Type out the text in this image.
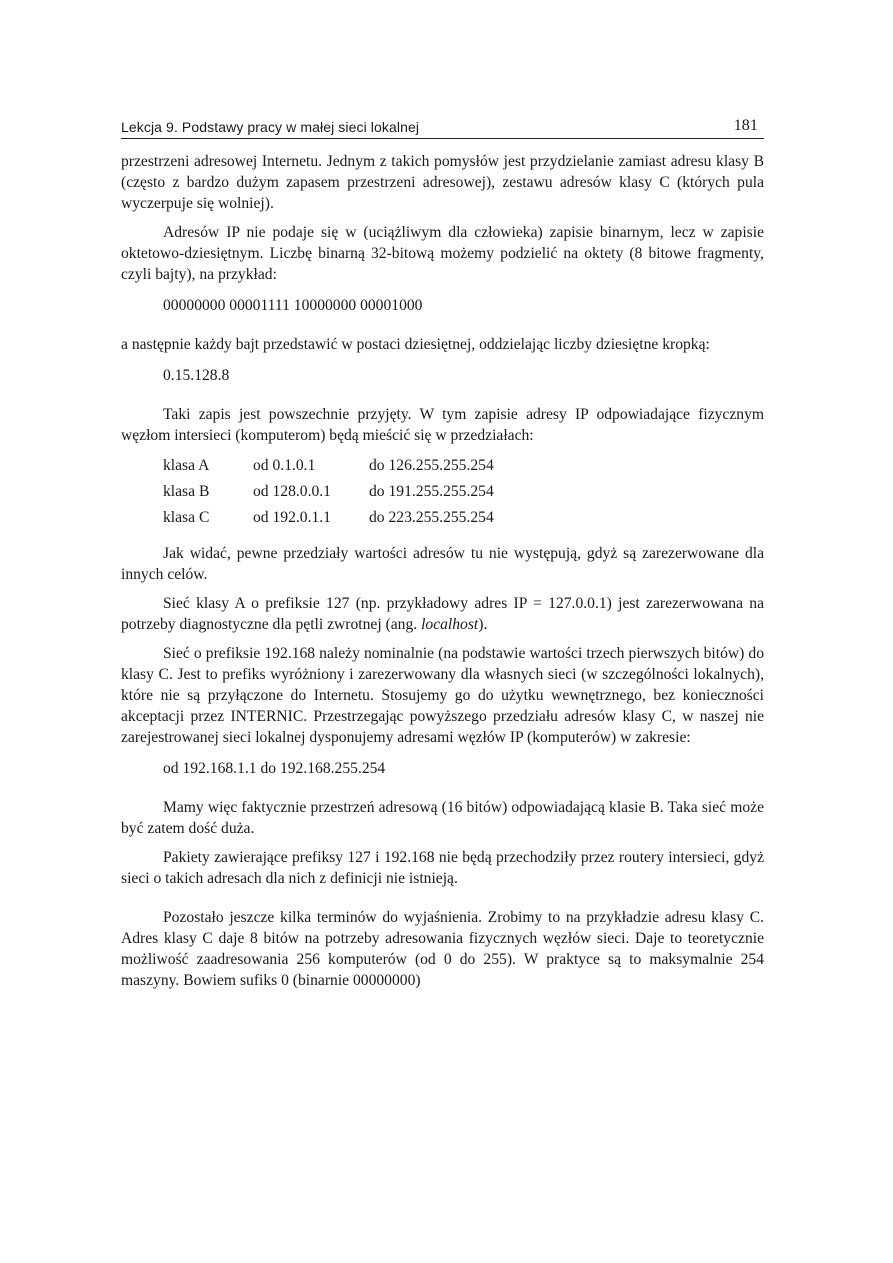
Lekcja 9. Podstawy pracy w małej sieci lokalnej	181

przestrzeni adresowej Internetu. Jednym z takich pomysłów jest przydzielanie zamiast adresu klasy B (często z bardzo dużym zapasem przestrzeni adresowej), zestawu adresów klasy C (których pula wyczerpuje się wolniej).

Adresów IP nie podaje się w (uciążliwym dla człowieka) zapisie binarnym, lecz w zapisie oktetowo-dziesiętnym. Liczbę binarną 32-bitową możemy podzielić na oktety (8 bitowe fragmenty, czyli bajty), na przykład:

00000000 00001111 10000000 00001000

a następnie każdy bajt przedstawić w postaci dziesiętnej, oddzielając liczby dziesiętne kropką:

0.15.128.8

Taki zapis jest powszechnie przyjęty. W tym zapisie adresy IP odpowiadające fizycznym węzłom intersieci (komputerom) będą mieścić się w przedziałach:

klasa A	od 0.1.0.1	do 126.255.255.254
klasa B	od 128.0.0.1	do 191.255.255.254
klasa C	od 192.0.1.1	do 223.255.255.254

Jak widać, pewne przedziały wartości adresów tu nie występują, gdyż są zarezerwowane dla innych celów.

Sieć klasy A o prefiksie 127 (np. przykładowy adres IP = 127.0.0.1) jest zarezerwowana na potrzeby diagnostyczne dla pętli zwrotnej (ang. localhost).

Sieć o prefiksie 192.168 należy nominalnie (na podstawie wartości trzech pierwszych bitów) do klasy C. Jest to prefiks wyróżniony i zarezerwowany dla własnych sieci (w szczególności lokalnych), które nie są przyłączone do Internetu. Stosujemy go do użytku wewnętrznego, bez konieczności akceptacji przez INTERNIC. Przestrzegając powyższego przedziału adresów klasy C, w naszej nie zarejestrowanej sieci lokalnej dysponujemy adresami węzłów IP (komputerów) w zakresie:

od 192.168.1.1 do 192.168.255.254

Mamy więc faktycznie przestrzeń adresową (16 bitów) odpowiadającą klasie B. Taka sieć może być zatem dość duża.

Pakiety zawierające prefiksy 127 i 192.168 nie będą przechodziły przez routery intersieci, gdyż sieci o takich adresach dla nich z definicji nie istnieją.

Pozostało jeszcze kilka terminów do wyjaśnienia. Zrobimy to na przykładzie adresu klasy C. Adres klasy C daje 8 bitów na potrzeby adresowania fizycznych węzłów sieci. Daje to teoretycznie możliwość zaadresowania 256 komputerów (od 0 do 255). W praktyce są to maksymalnie 254 maszyny. Bowiem sufiks 0 (binarnie 00000000)
